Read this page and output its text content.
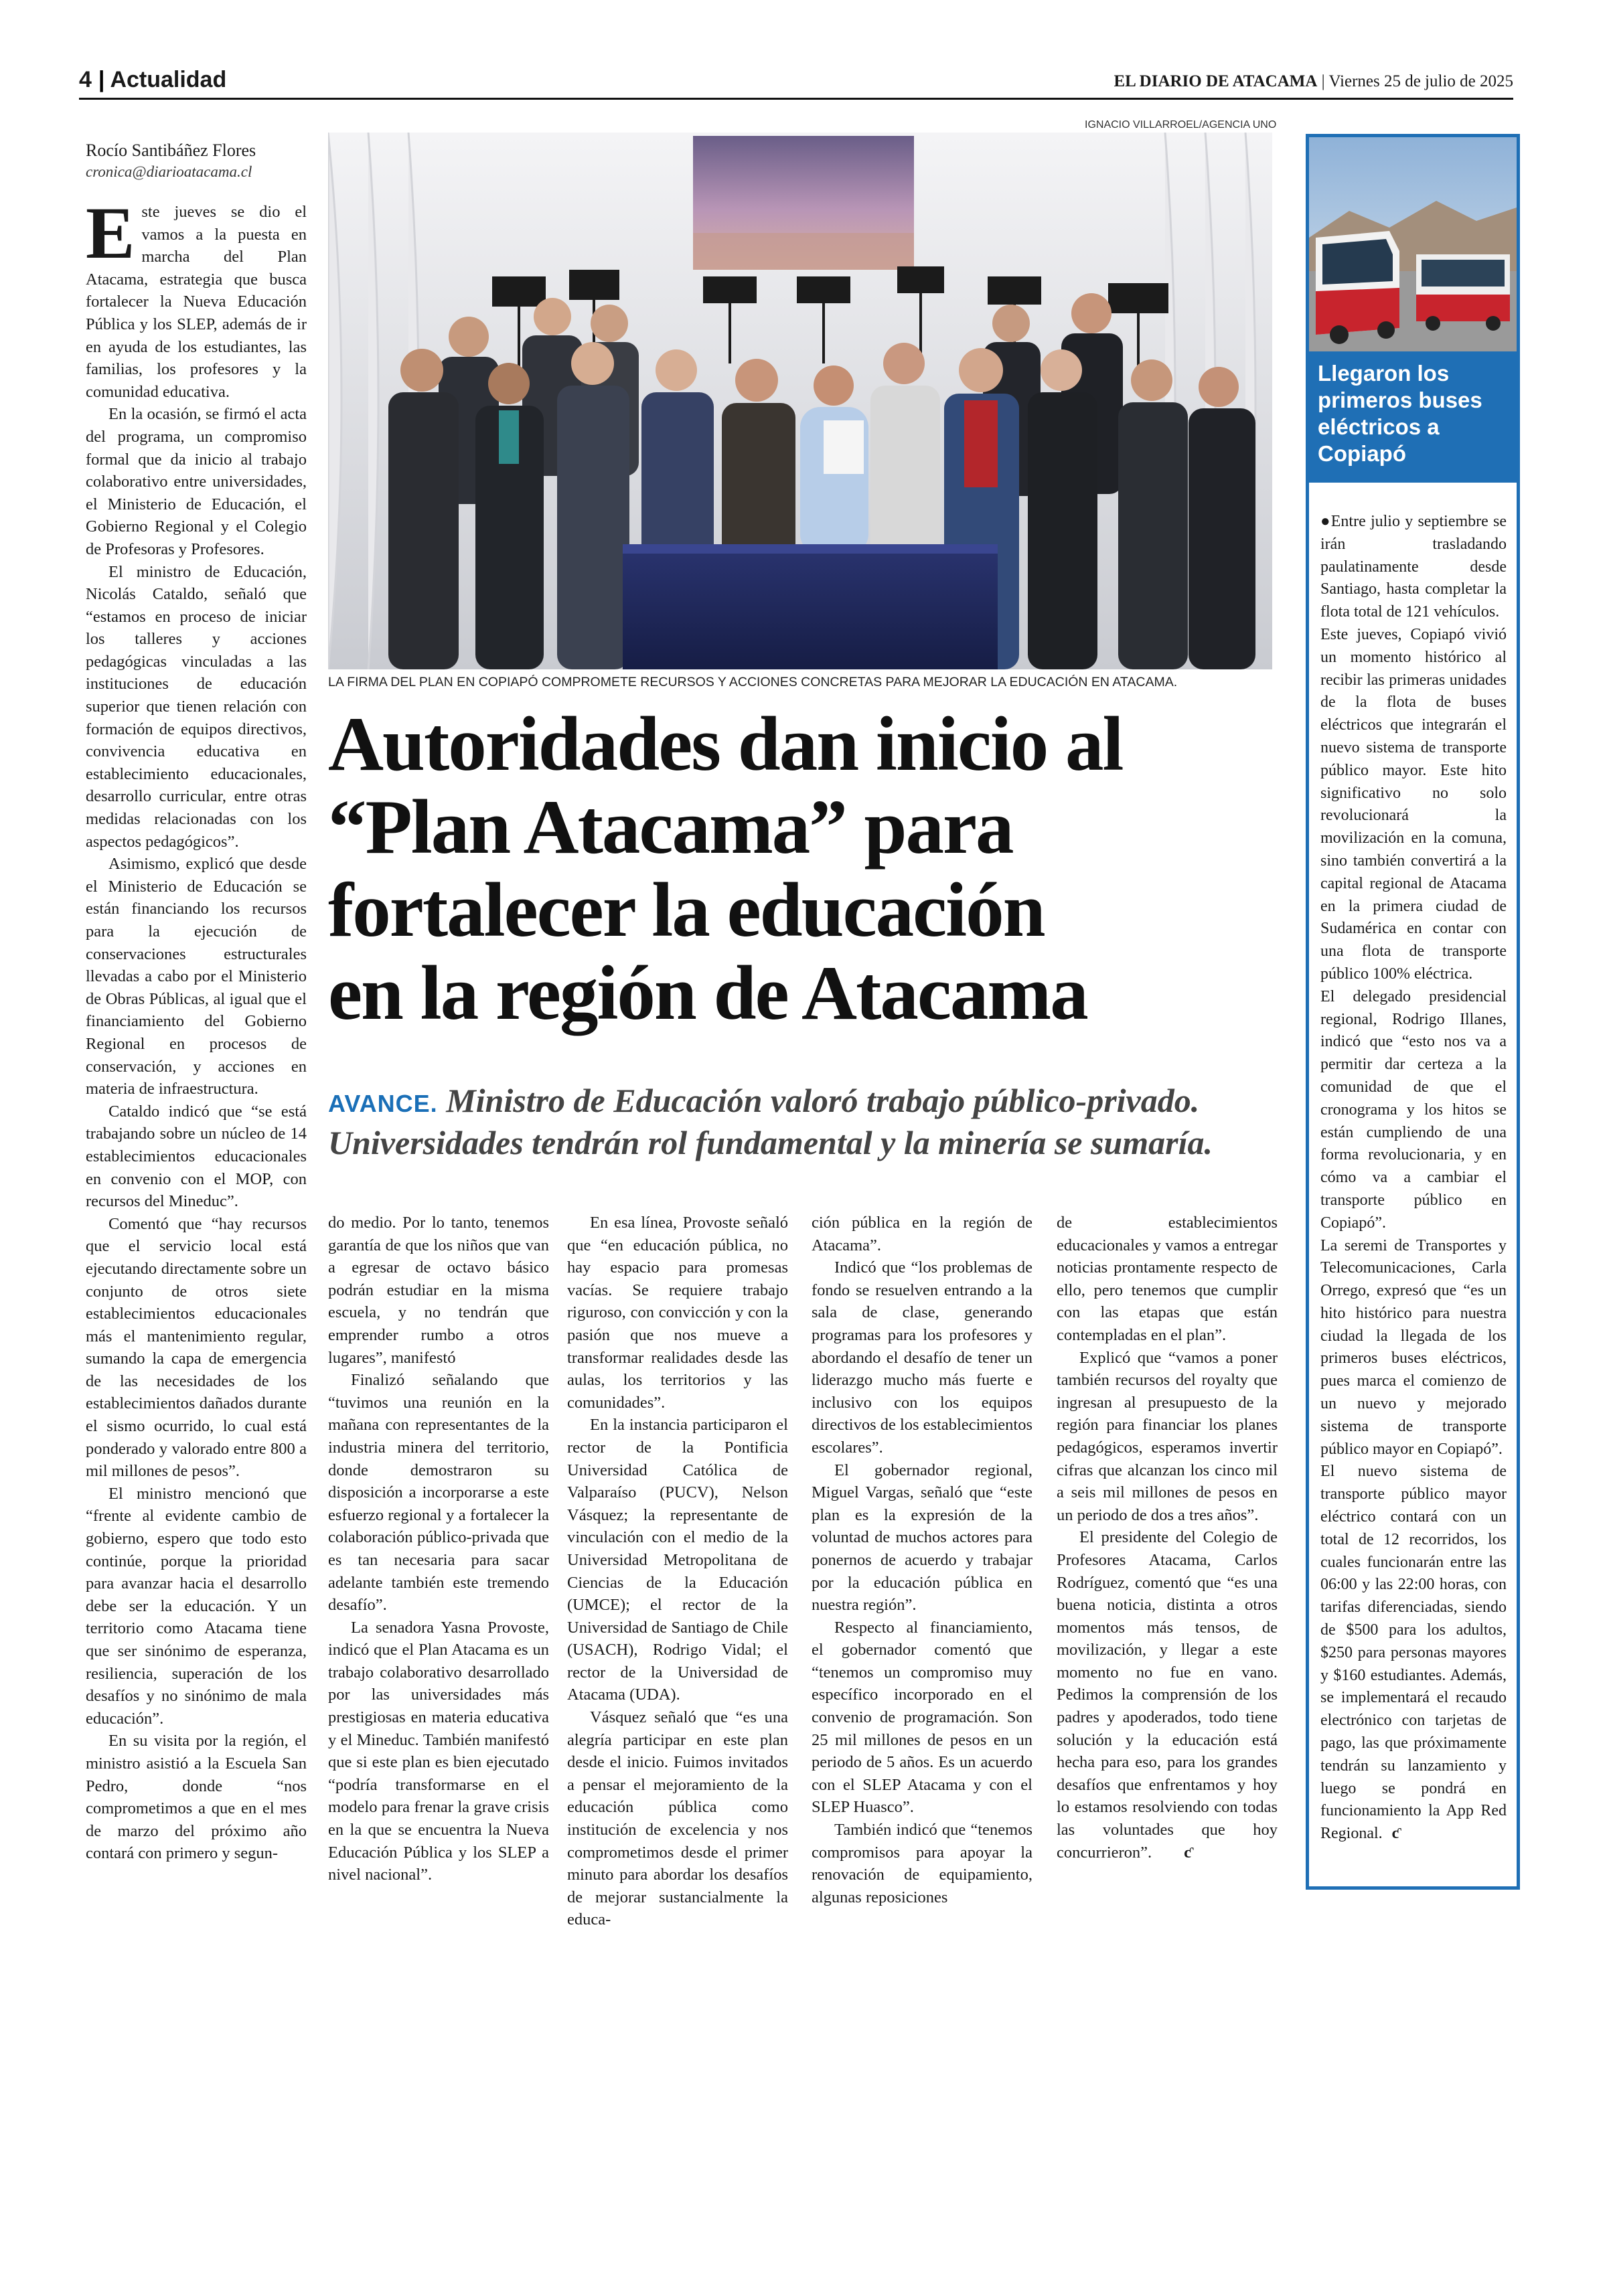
4 | Actualidad	EL DIARIO DE ATACAMA | Viernes 25 de julio de 2025
Rocío Santibáñez Flores
cronica@diarioatacama.cl

Este jueves se dio el vamos a la puesta en marcha del Plan Atacama, estrategia que busca fortalecer la Nueva Educación Pública y los SLEP, además de ir en ayuda de los estudiantes, las familias, los profesores y la comunidad educativa.

En la ocasión, se firmó el acta del programa, un compromiso formal que da inicio al trabajo colaborativo entre universidades, el Ministerio de Educación, el Gobierno Regional y el Colegio de Profesoras y Profesores.

El ministro de Educación, Nicolás Cataldo, señaló que “estamos en proceso de iniciar los talleres y acciones pedagógicas vinculadas a las instituciones de educación superior que tienen relación con formación de equipos directivos, convivencia educativa en establecimiento educacionales, desarrollo curricular, entre otras medidas relacionadas con los aspectos pedagógicos”.

Asimismo, explicó que desde el Ministerio de Educación se están financiando los recursos para la ejecución de conservaciones estructurales llevadas a cabo por el Ministerio de Obras Públicas, al igual que el financiamiento del Gobierno Regional en procesos de conservación, y acciones en materia de infraestructura.

Cataldo indicó que “se está trabajando sobre un núcleo de 14 establecimientos educacionales en convenio con el MOP, con recursos del Mineduc”.

Comentó que “hay recursos que el servicio local está ejecutando directamente sobre un conjunto de otros siete establecimientos educacionales más el mantenimiento regular, sumando la capa de emergencia de las necesidades de los establecimientos dañados durante el sismo ocurrido, lo cual está ponderado y valorado entre 800 a mil millones de pesos”.

El ministro mencionó que “frente al evidente cambio de gobierno, espero que todo esto continúe, porque la prioridad para avanzar hacia el desarrollo debe ser la educación. Y un territorio como Atacama tiene que ser sinónimo de esperanza, resiliencia, superación de los desafíos y no sinónimo de mala educación”.

En su visita por la región, el ministro asistió a la Escuela San Pedro, donde “nos comprometimos a que en el mes de marzo del próximo año contará con primero y segun-

IGNACIO VILLARROEL/AGENCIA UNO
LA FIRMA DEL PLAN EN COPIAPÓ COMPROMETE RECURSOS Y ACCIONES CONCRETAS PARA MEJORAR LA EDUCACIÓN EN ATACAMA.
Autoridades dan inicio al
“Plan Atacama” para
fortalecer la educación
en la región de Atacama
AVANCE. Ministro de Educación valoró trabajo público-privado. Universidades tendrán rol fundamental y la minería se sumaría.

do medio. Por lo tanto, tenemos garantía de que los niños que van a egresar de octavo básico podrán estudiar en la misma escuela, y no tendrán que emprender rumbo a otros lugares”, manifestó

Finalizó señalando que “tuvimos una reunión en la mañana con representantes de la industria minera del territorio, donde demostraron su disposición a incorporarse a este esfuerzo regional y a fortalecer la colaboración público-privada que es tan necesaria para sacar adelante también este tremendo desafío”.

La senadora Yasna Provoste, indicó que el Plan Atacama es un trabajo colaborativo desarrollado por las universidades más prestigiosas en materia educativa y el Mineduc. También manifestó que si este plan es bien ejecutado “podría transformarse en el modelo para frenar la grave crisis en la que se encuentra la Nueva Educación Pública y los SLEP a nivel nacional”.

En esa línea, Provoste señaló que “en educación pública, no hay espacio para promesas vacías. Se requiere trabajo riguroso, con convicción y con la pasión que nos mueve a transformar realidades desde las aulas, los territorios y las comunidades”.

En la instancia participaron el rector de la Pontificia Universidad Católica de Valparaíso (PUCV), Nelson Vásquez; la representante de vinculación con el medio de la Universidad Metropolitana de Ciencias de la Educación (UMCE); el rector de la Universidad de Santiago de Chile (USACH), Rodrigo Vidal; el rector de la Universidad de Atacama (UDA).

Vásquez señaló que “es una alegría participar en este plan desde el inicio. Fuimos invitados a pensar el mejoramiento de la educación pública como institución de excelencia y nos comprometimos desde el primer minuto para abordar los desafíos de mejorar sustancialmente la educa-

ción pública en la región de Atacama”.

Indicó que “los problemas de fondo se resuelven entrando a la sala de clase, generando programas para los profesores y abordando el desafío de tener un liderazgo mucho más fuerte e inclusivo con los equipos directivos de los establecimientos escolares”.

El gobernador regional, Miguel Vargas, señaló que “este plan es la expresión de la voluntad de muchos actores para ponernos de acuerdo y trabajar por la educación pública en nuestra región”.

Respecto al financiamiento, el gobernador comentó que “tenemos un compromiso muy específico incorporado en el convenio de programación. Son 25 mil millones de pesos en un periodo de 5 años. Es un acuerdo con el SLEP Atacama y con el SLEP Huasco”.

También indicó que “tenemos compromisos para apoyar la renovación de equipamiento, algunas reposiciones

de establecimientos educacionales y vamos a entregar noticias prontamente respecto de ello, pero tenemos que cumplir con las etapas que están contempladas en el plan”.

Explicó que “vamos a poner también recursos del royalty que ingresan al presupuesto de la región para financiar los planes pedagógicos, esperamos invertir cifras que alcanzan los cinco mil a seis mil millones de pesos en un periodo de dos a tres años”.

El presidente del Colegio de Profesores Atacama, Carlos Rodríguez, comentó que “es una buena noticia, distinta a otros momentos más tensos, de movilización, y llegar a este momento no fue en vano. Pedimos la comprensión de los padres y apoderados, todo tiene solución y la educación está hecha para eso, para los grandes desafíos que enfrentamos y hoy lo estamos resolviendo con todas las voluntades que hoy concurrieron”. ƈ

Llegaron los primeros buses eléctricos a Copiapó

●Entre julio y septiembre se irán trasladando paulatinamente desde Santiago, hasta completar la flota total de 121 vehículos.

Este jueves, Copiapó vivió un momento histórico al recibir las primeras unidades de la flota de buses eléctricos que integrarán el nuevo sistema de transporte público mayor. Este hito significativo no solo revolucionará la movilización en la comuna, sino también convertirá a la capital regional de Atacama en la primera ciudad de Sudamérica en contar con una flota de transporte público 100% eléctrica.

El delegado presidencial regional, Rodrigo Illanes, indicó que “esto nos va a permitir dar certeza a la comunidad de que el cronograma y los hitos se están cumpliendo de una forma revolucionaria, y en cómo va a cambiar el transporte público en Copiapó”.

La seremi de Transportes y Telecomunicaciones, Carla Orrego, expresó que “es un hito histórico para nuestra ciudad la llegada de los primeros buses eléctricos, pues marca el comienzo de un nuevo y mejorado sistema de transporte público mayor en Copiapó”.

El nuevo sistema de transporte público mayor eléctrico contará con un total de 12 recorridos, los cuales funcionarán entre las 06:00 y las 22:00 horas, con tarifas diferenciadas, siendo de $500 para los adultos, $250 para personas mayores y $160 estudiantes. Además, se implementará el recaudo electrónico con tarjetas de pago, las que próximamente tendrán su lanzamiento y luego se pondrá en funcionamiento la App Red Regional. ƈ
